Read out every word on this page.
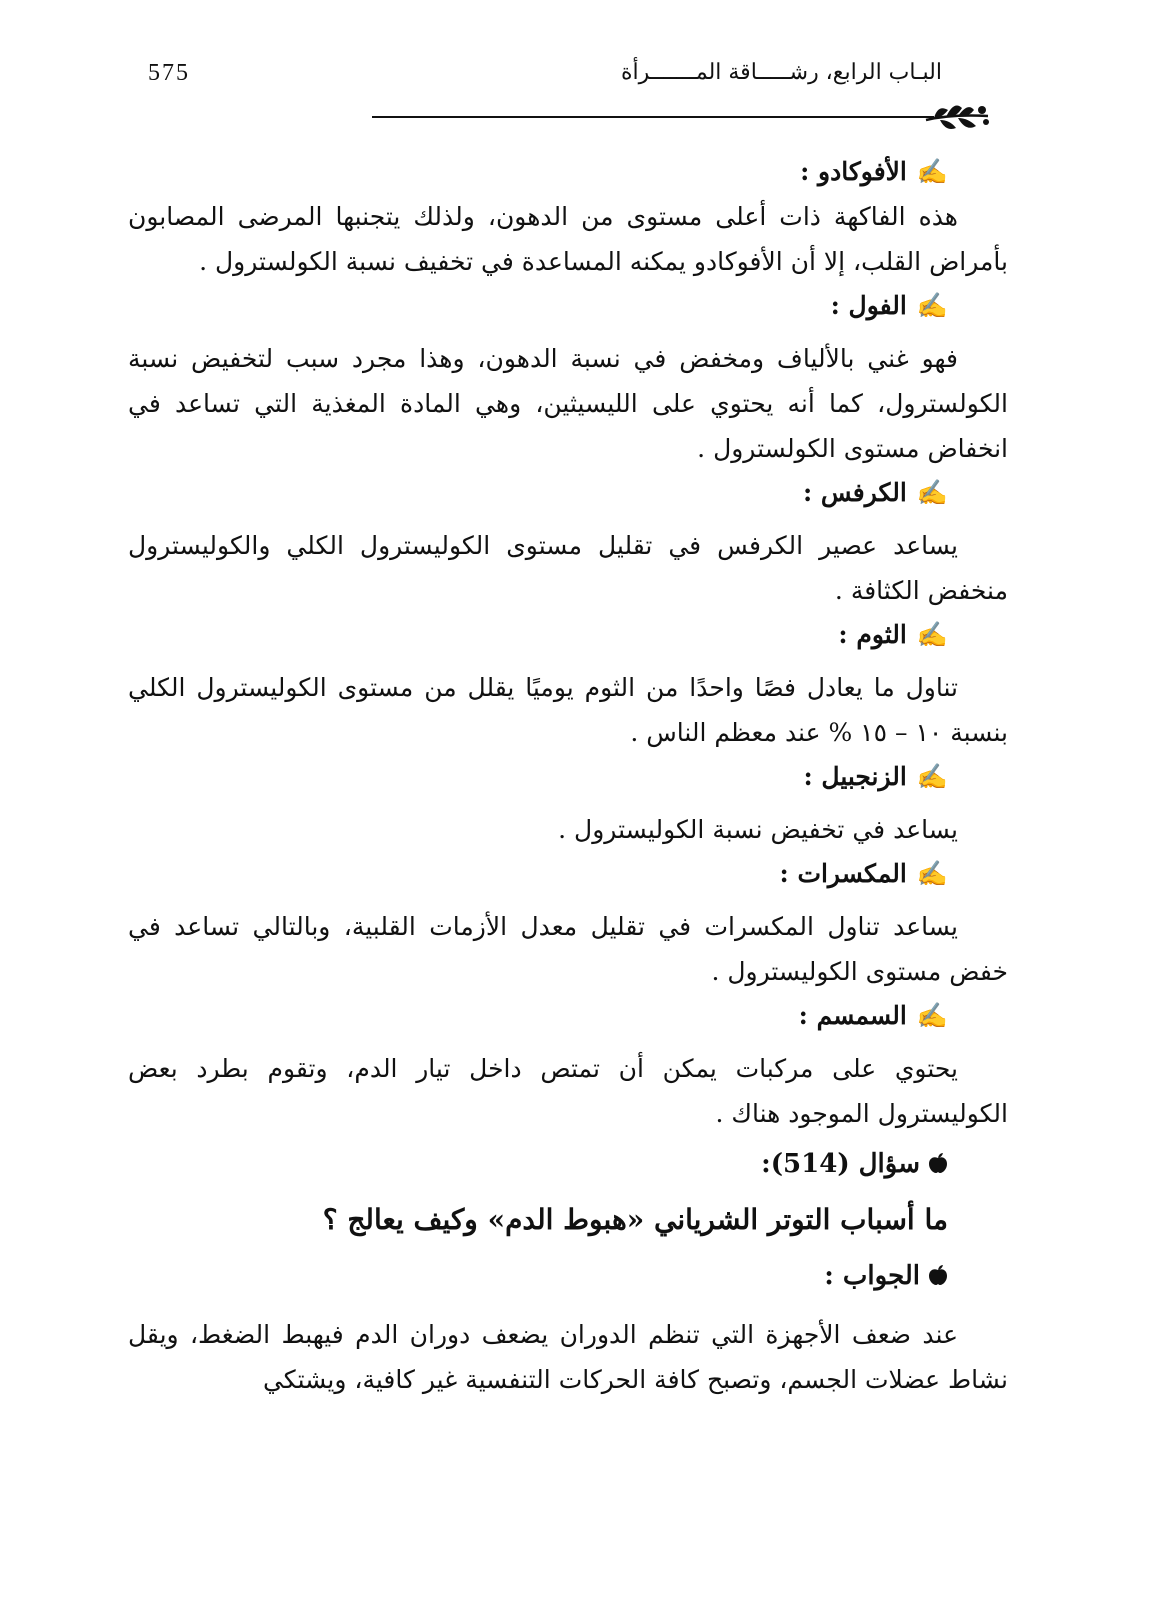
575	البـاب الرابع، رشـــــاقة المـــــــرأة
✍الأفوكادو :

هذه الفاكهة ذات أعلى مستوى من الدهون، ولذلك يتجنبها المرضى المصابون بأمراض القلب، إلا أن الأفوكادو يمكنه المساعدة في تخفيف نسبة الكولسترول .

✍الفول :

فهو غني بالألياف ومخفض في نسبة الدهون، وهذا مجرد سبب لتخفيض نسبة الكولسترول، كما أنه يحتوي على الليسيثين، وهي المادة المغذية التي تساعد في انخفاض مستوى الكولسترول .

✍الكرفس :

يساعد عصير الكرفس في تقليل مستوى الكوليسترول الكلي والكوليسترول منخفض الكثافة .

✍الثوم :

تناول ما يعادل فصًا واحدًا من الثوم يوميًا يقلل من مستوى الكوليسترول الكلي بنسبة ١٠ – ١٥ % عند معظم الناس .

✍الزنجبيل :

يساعد في تخفيض نسبة الكوليسترول .

✍المكسرات :

يساعد تناول المكسرات في تقليل معدل الأزمات القلبية، وبالتالي تساعد في خفض مستوى الكوليسترول .

✍السمسم :

يحتوي على مركبات يمكن أن تمتص داخل تيار الدم، وتقوم بطرد بعض الكوليسترول الموجود هناك .

سؤال (514):
ما أسباب التوتر الشرياني «هبوط الدم» وكيف يعالج ؟
الجواب :

عند ضعف الأجهزة التي تنظم الدوران يضعف دوران الدم فيهبط الضغط، ويقل نشاط عضلات الجسم، وتصبح كافة الحركات التنفسية غير كافية، ويشتكي
